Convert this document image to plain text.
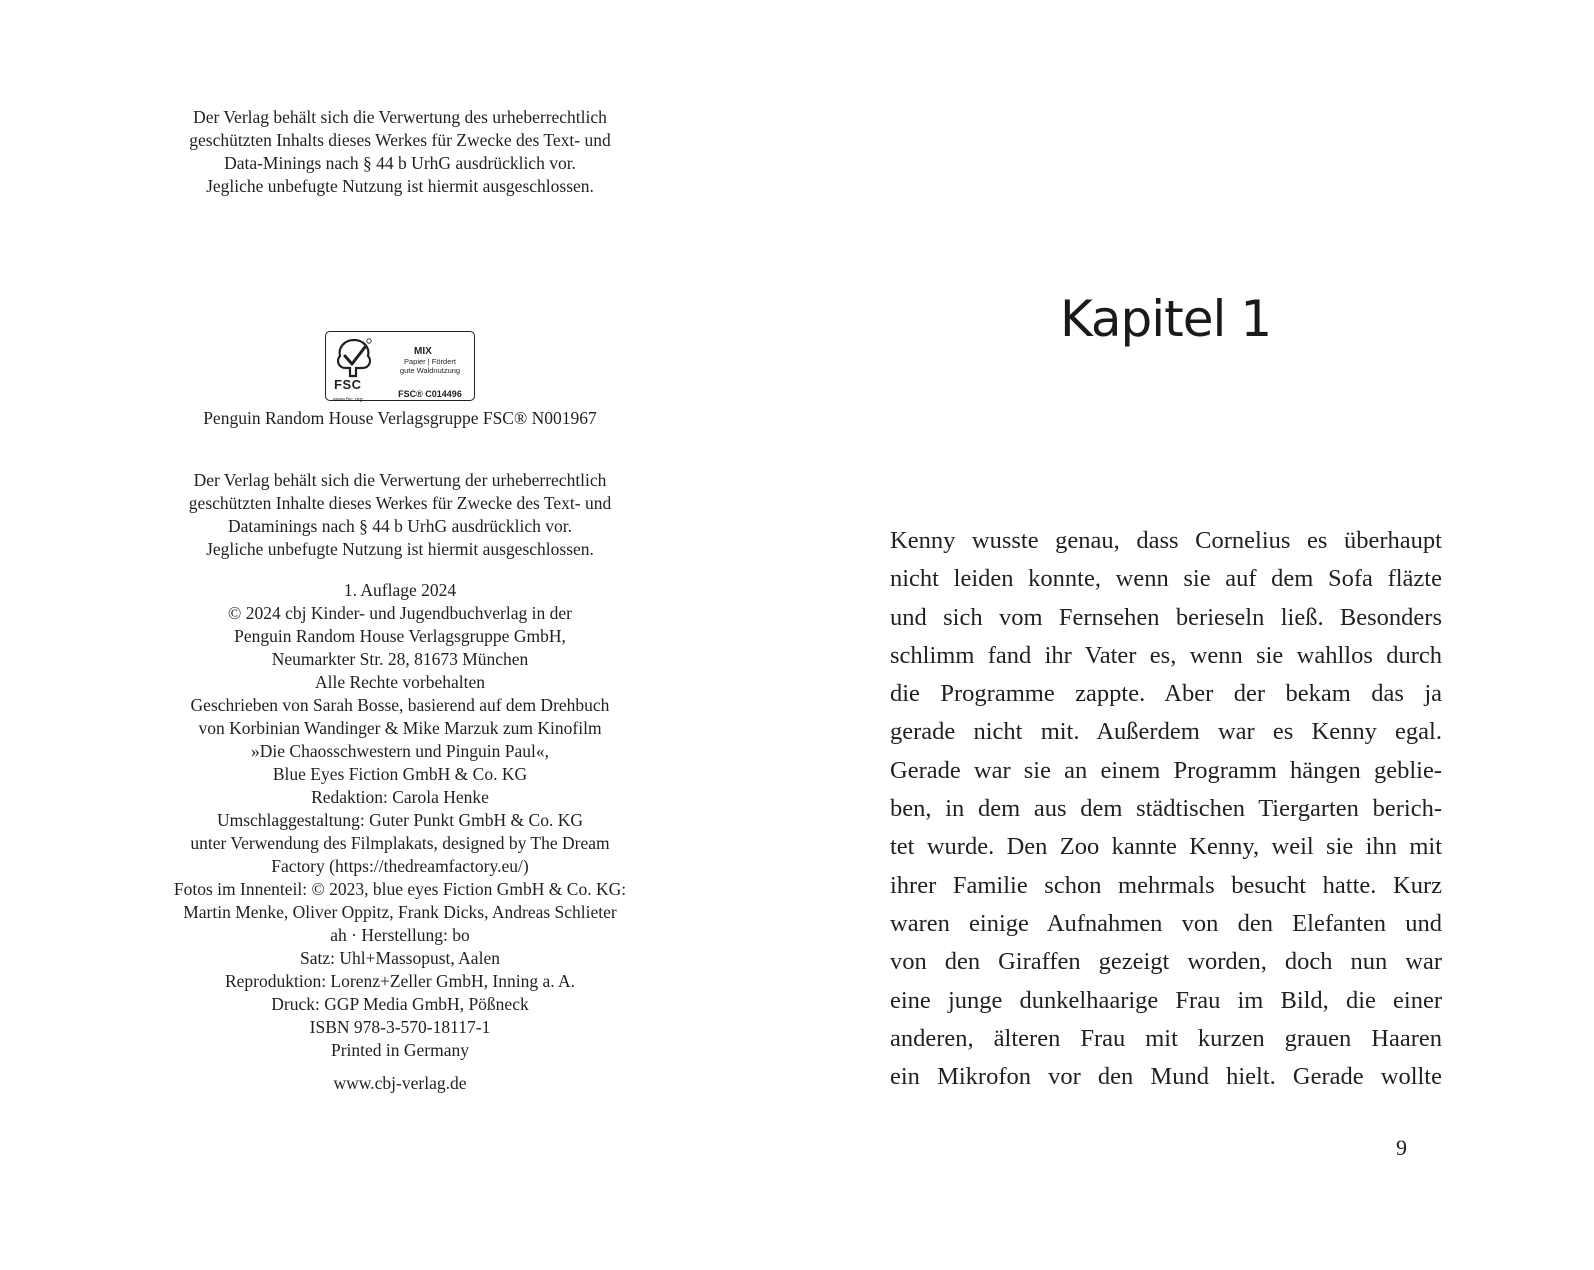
Der Verlag behält sich die Verwertung des urheberrechtlich
geschützten Inhalts dieses Werkes für Zwecke des Text- und
Data-Minings nach § 44 b UrhG ausdrücklich vor.
Jegliche unbefugte Nutzung ist hiermit ausgeschlossen.
FSC
www.fsc.org
MIX
Papier | Fördert
gute Waldnutzung
FSC® C014496
Penguin Random House Verlagsgruppe FSC® N001967
Der Verlag behält sich die Verwertung der urheberrechtlich
geschützten Inhalte dieses Werkes für Zwecke des Text- und
Dataminings nach § 44 b UrhG ausdrücklich vor.
Jegliche unbefugte Nutzung ist hiermit ausgeschlossen.
1. Auflage 2024
© 2024 cbj Kinder- und Jugendbuchverlag in der
Penguin Random House Verlagsgruppe GmbH,
Neumarkter Str. 28, 81673 München
Alle Rechte vorbehalten
Geschrieben von Sarah Bosse, basierend auf dem Drehbuch
von Korbinian Wandinger & Mike Marzuk zum Kinofilm
»Die Chaosschwestern und Pinguin Paul«,
Blue Eyes Fiction GmbH & Co. KG
Redaktion: Carola Henke
Umschlaggestaltung: Guter Punkt GmbH & Co. KG
unter Verwendung des Filmplakats, designed by The Dream
Factory (https://thedreamfactory.eu/)
Fotos im Innenteil: © 2023, blue eyes Fiction GmbH & Co. KG:
Martin Menke, Oliver Oppitz, Frank Dicks, Andreas Schlieter
ah · Herstellung: bo
Satz: Uhl+Massopust, Aalen
Reproduktion: Lorenz+Zeller GmbH, Inning a. A.
Druck: GGP Media GmbH, Pößneck
ISBN 978-3-570-18117-1
Printed in Germany
www.cbj-verlag.de
Kapitel 1
Kenny wusste genau, dass Cornelius es überhaupt
nicht leiden konnte, wenn sie auf dem Sofa fläzte
und sich vom Fernsehen berieseln ließ. Besonders
schlimm fand ihr Vater es, wenn sie wahllos durch
die Programme zappte. Aber der bekam das ja
gerade nicht mit. Außerdem war es Kenny egal.
Gerade war sie an einem Programm hängen geblie-
ben, in dem aus dem städtischen Tiergarten berich-
tet wurde. Den Zoo kannte Kenny, weil sie ihn mit
ihrer Familie schon mehrmals besucht hatte. Kurz
waren einige Aufnahmen von den Elefanten und
von den Giraffen gezeigt worden, doch nun war
eine junge dunkelhaarige Frau im Bild, die einer
anderen, älteren Frau mit kurzen grauen Haaren
ein Mikrofon vor den Mund hielt. Gerade wollte
9
